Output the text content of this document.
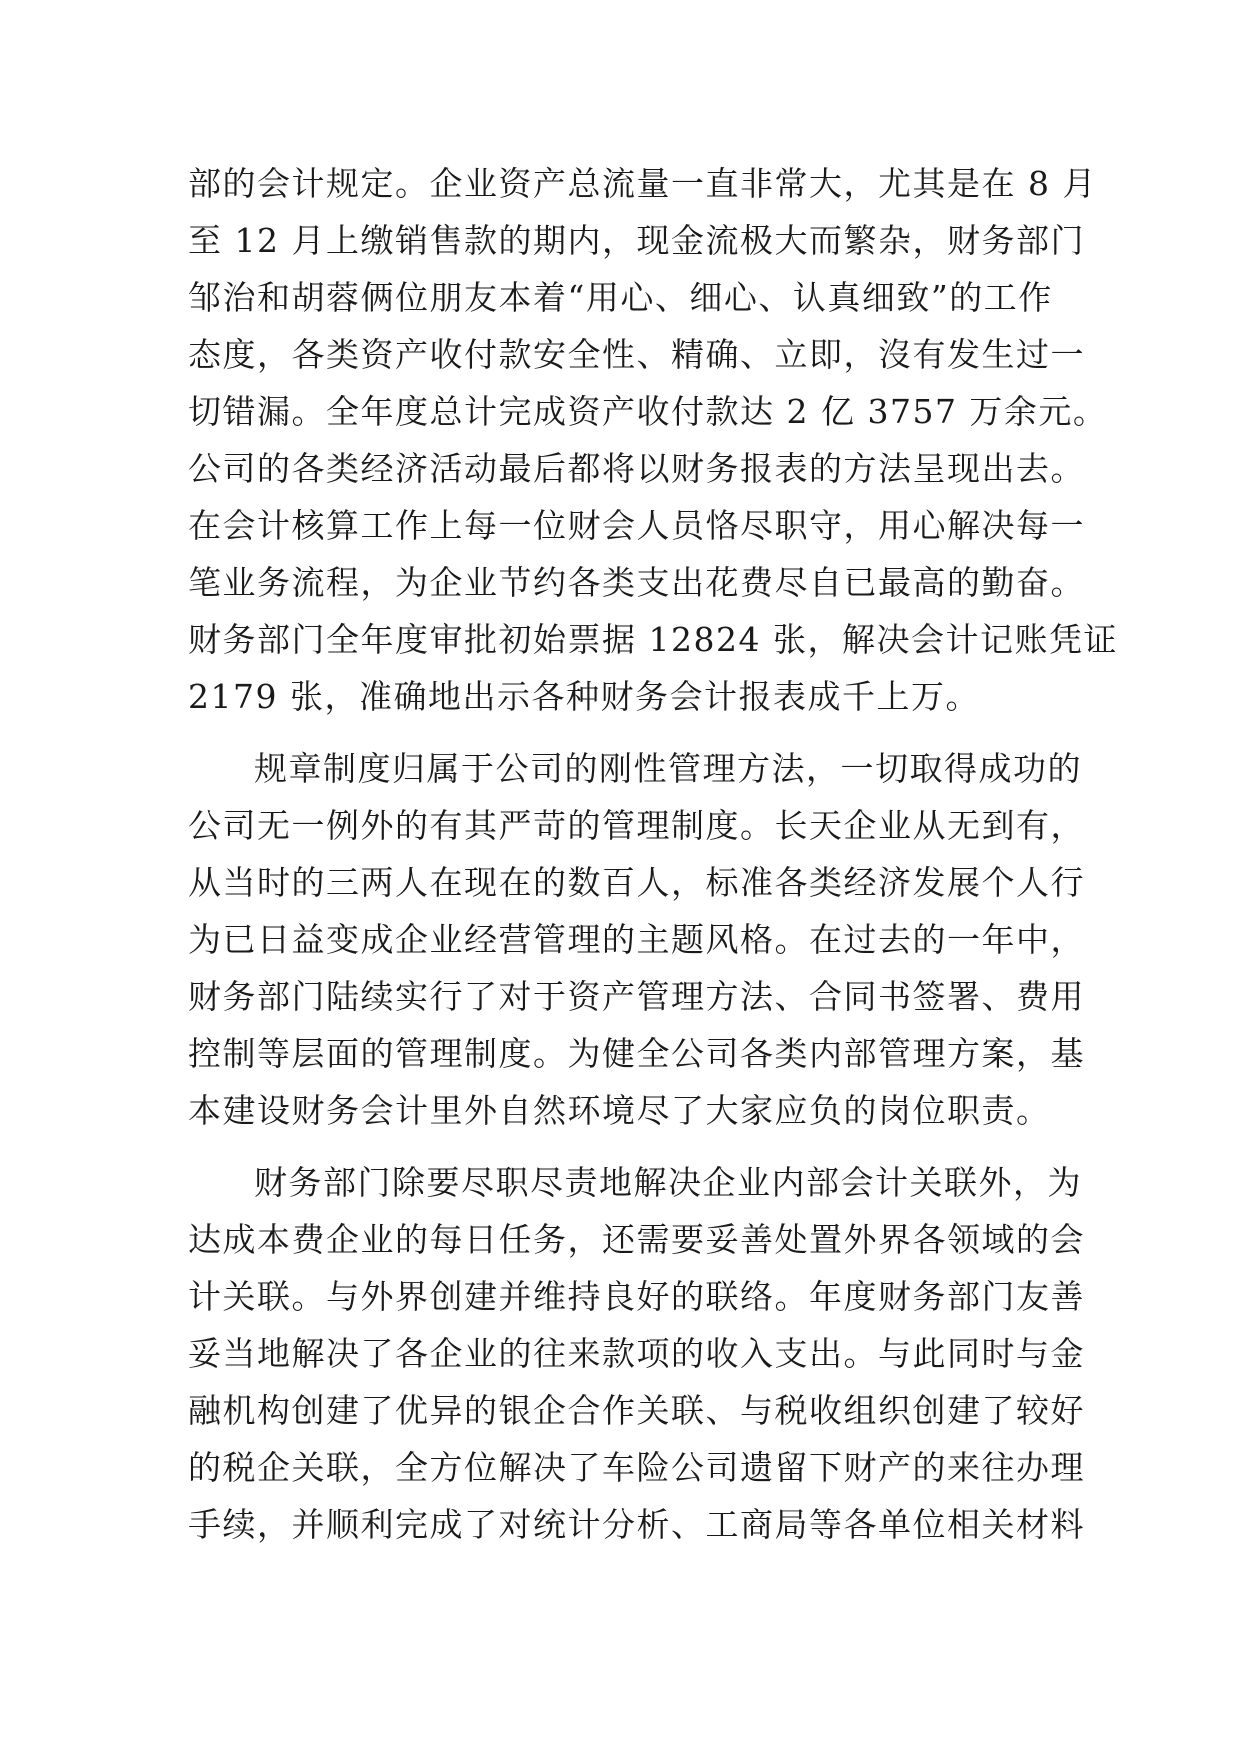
部的会计规定。企业资产总流量一直非常大，尤其是在 8 月
至 12 月上缴销售款的期内，现金流极大而繁杂，财务部门
邹治和胡蓉俩位朋友本着“用心、细心、认真细致”的工作
态度，各类资产收付款安全性、精确、立即，沒有发生过一
切错漏。全年度总计完成资产收付款达 2 亿 3757 万余元。
公司的各类经济活动最后都将以财务报表的方法呈现出去。
在会计核算工作上每一位财会人员恪尽职守，用心解决每一
笔业务流程，为企业节约各类支出花费尽自已最高的勤奋。
财务部门全年度审批初始票据 12824 张，解决会计记账凭证
2179 张，准确地出示各种财务会计报表成千上万。
规章制度归属于公司的刚性管理方法，一切取得成功的
公司无一例外的有其严苛的管理制度。长天企业从无到有，
从当时的三两人在现在的数百人，标准各类经济发展个人行
为已日益变成企业经营管理的主题风格。在过去的一年中，
财务部门陆续实行了对于资产管理方法、合同书签署、费用
控制等层面的管理制度。为健全公司各类内部管理方案，基
本建设财务会计里外自然环境尽了大家应负的岗位职责。
财务部门除要尽职尽责地解决企业内部会计关联外，为
达成本费企业的每日任务，还需要妥善处置外界各领域的会
计关联。与外界创建并维持良好的联络。年度财务部门友善
妥当地解决了各企业的往来款项的收入支出。与此同时与金
融机构创建了优异的银企合作关联、与税收组织创建了较好
的税企关联，全方位解决了车险公司遗留下财产的来往办理
手续，并顺利完成了对统计分析、工商局等各单位相关材料
